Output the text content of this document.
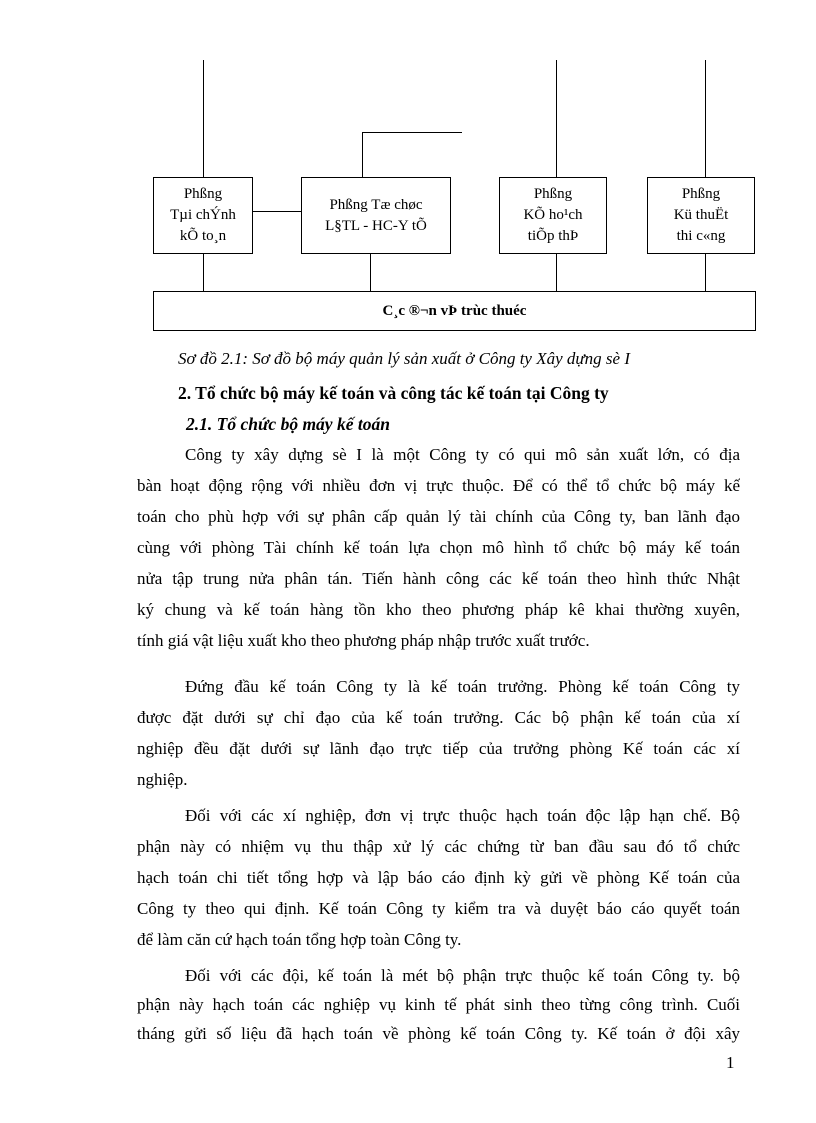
Phßng
Tµi chÝnh
kÕ to¸n
Phßng Tæ chøc
L§TL - HC-Y tÕ
Phßng
KÕ ho¹ch
tiÕp thÞ
Phßng
Kü thuËt
thi c«ng
C¸c ®¬n vÞ trùc thuéc
Sơ đồ 2.1: Sơ đồ bộ máy quản lý sản xuất ở Công ty Xây dựng sè I
2. Tổ chức bộ máy kế toán và công tác kế toán tại Công ty
2.1. Tổ chức bộ máy kế toán
Công ty xây dựng sè I là một Công ty có qui mô sản xuất lớn, có địa
bàn hoạt động rộng với nhiều đơn vị trực thuộc. Để có thể tổ chức bộ máy kế
toán cho phù hợp với sự phân cấp quản lý tài chính của Công ty, ban lãnh đạo
cùng với phòng Tài chính kế toán lựa chọn mô hình tổ chức bộ máy kế toán
nửa tập trung nửa phân tán. Tiến hành công các kế toán theo hình thức Nhật
ký chung và kế toán hàng tồn kho theo phương pháp kê khai thường xuyên,
tính giá vật liệu xuất kho theo phương pháp nhập trước xuất trước.
Đứng đầu kế toán Công ty là kế toán trưởng. Phòng kế toán Công ty
được đặt dưới sự chỉ đạo của kế toán trưởng. Các bộ phận kế toán của xí
nghiệp đều đặt dưới sự lãnh đạo trực tiếp của trưởng phòng Kế toán các xí
nghiệp.
Đối với các xí nghiệp, đơn vị trực thuộc hạch toán độc lập hạn chế. Bộ
phận này có nhiệm vụ thu thập xử lý các chứng từ ban đầu sau đó tổ chức
hạch toán chi tiết tổng hợp và lập báo cáo định kỳ gửi về phòng Kế toán của
Công ty theo qui định. Kế toán Công ty kiểm tra và duyệt báo cáo quyết toán
để làm căn cứ hạch toán tổng hợp toàn Công ty.
Đối với các đội, kế toán là mét bộ phận trực thuộc kế toán Công ty. bộ
phận này hạch toán các nghiệp vụ kinh tế phát sinh theo từng công trình. Cuối
tháng gửi số liệu đã hạch toán về phòng kế toán Công ty. Kế toán ở đội xây
1
